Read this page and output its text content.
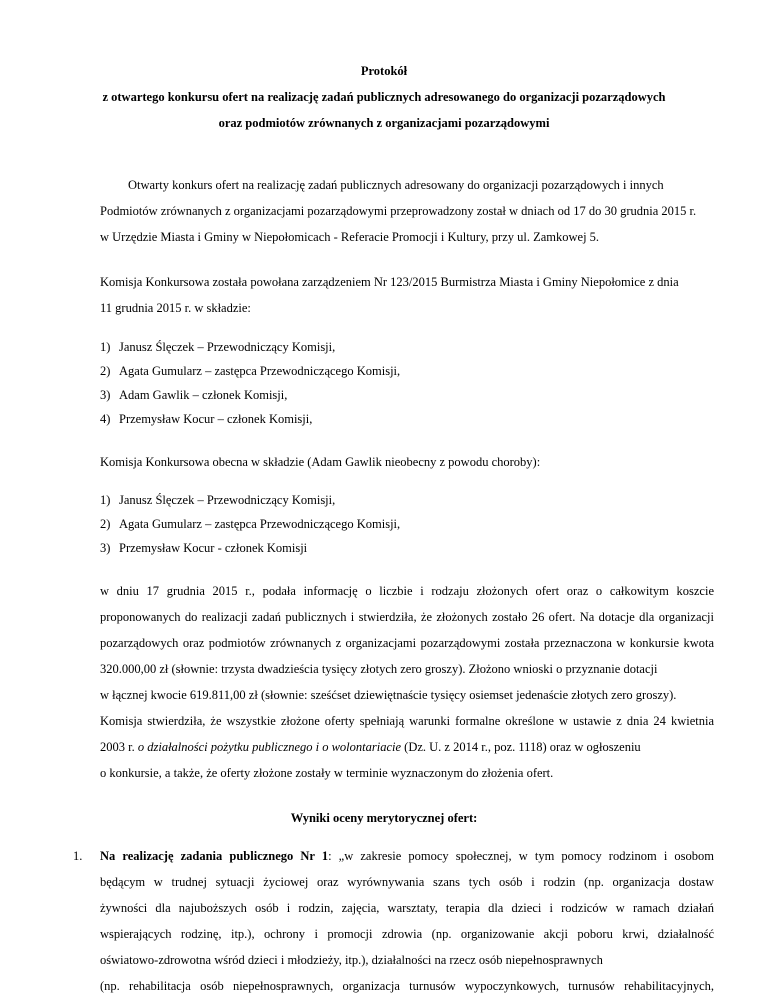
Protokół
z otwartego konkursu ofert na realizację zadań publicznych adresowanego do organizacji pozarządowych
oraz podmiotów zrównanych z organizacjami pozarządowymi
Otwarty konkurs ofert na realizację zadań publicznych adresowany do organizacji pozarządowych i innych
Podmiotów zrównanych z organizacjami pozarządowymi przeprowadzony został w dniach od 17 do 30 grudnia 2015 r.
w Urzędzie Miasta i Gminy w Niepołomicach - Referacie Promocji i Kultury, przy ul. Zamkowej 5.
Komisja Konkursowa została powołana zarządzeniem Nr 123/2015 Burmistrza Miasta i Gminy Niepołomice z dnia
11 grudnia 2015 r. w składzie:
1) Janusz Ślęczek – Przewodniczący Komisji,
2) Agata Gumularz – zastępca Przewodniczącego Komisji,
3) Adam Gawlik – członek Komisji,
4) Przemysław Kocur – członek Komisji,
Komisja Konkursowa obecna w składzie (Adam Gawlik nieobecny z powodu choroby):
1) Janusz Ślęczek – Przewodniczący Komisji,
2) Agata Gumularz – zastępca Przewodniczącego Komisji,
3) Przemysław Kocur - członek Komisji
w dniu 17 grudnia 2015 r., podała informację o liczbie i rodzaju złożonych ofert oraz o całkowitym koszcie
proponowanych do realizacji zadań publicznych i stwierdziła, że złożonych zostało 26 ofert. Na dotacje dla organizacji
pozarządowych oraz podmiotów zrównanych z organizacjami pozarządowymi została przeznaczona w konkursie kwota
320.000,00 zł (słownie: trzysta dwadzieścia tysięcy złotych zero groszy). Złożono wnioski o przyznanie dotacji
w łącznej kwocie 619.811,00 zł (słownie: sześćset dziewiętnaście tysięcy osiemset jedenaście złotych zero groszy).
Komisja stwierdziła, że wszystkie złożone oferty spełniają warunki formalne określone w ustawie z dnia 24 kwietnia
2003 r. o działalności pożytku publicznego i o wolontariacie (Dz. U. z 2014 r., poz. 1118) oraz w ogłoszeniu
o konkursie, a także, że oferty złożone zostały w terminie wyznaczonym do złożenia ofert.
Wyniki oceny merytorycznej ofert:
1. Na realizację zadania publicznego Nr 1: „w zakresie pomocy społecznej, w tym pomocy rodzinom i osobom
będącym w trudnej sytuacji życiowej oraz wyrównywania szans tych osób i rodzin (np. organizacja dostaw
żywności dla najuboższych osób i rodzin, zajęcia, warsztaty, terapia dla dzieci i rodziców w ramach działań
wspierających rodzinę, itp.), ochrony i promocji zdrowia (np. organizowanie akcji poboru krwi, działalność
oświatowo-zdrowotna wśród dzieci i młodzieży, itp.), działalności na rzecz osób niepełnosprawnych
(np. rehabilitacja osób niepełnosprawnych, organizacja turnusów wypoczynkowych, turnusów rehabilitacyjnych,
